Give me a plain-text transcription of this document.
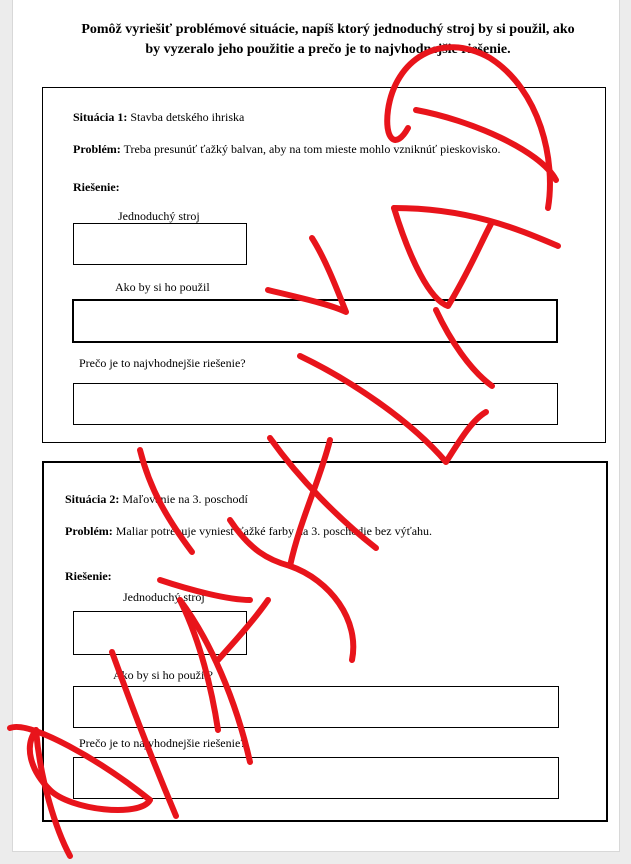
Pomôž vyriešiť problémové situácie, napíš ktorý jednoduchý stroj by si použil, ako by vyzeralo jeho použitie a prečo je to najvhodnejšie riešenie.
Situácia 1: Stavba detského ihriska
Problém: Treba presunúť ťažký balvan, aby na tom mieste mohlo vzniknúť pieskovisko.
Riešenie:
Jednoduchý stroj
Ako by si ho použil
Prečo je to najvhodnejšie riešenie?
Situácia 2: Maľovanie na 3. poschodí
Problém: Maliar potrebuje vyniesť ťažké farby na 3. poschodie bez výťahu.
Riešenie:
Jednoduchý stroj
Ako by si ho použil?
Prečo je to najvhodnejšie riešenie?
